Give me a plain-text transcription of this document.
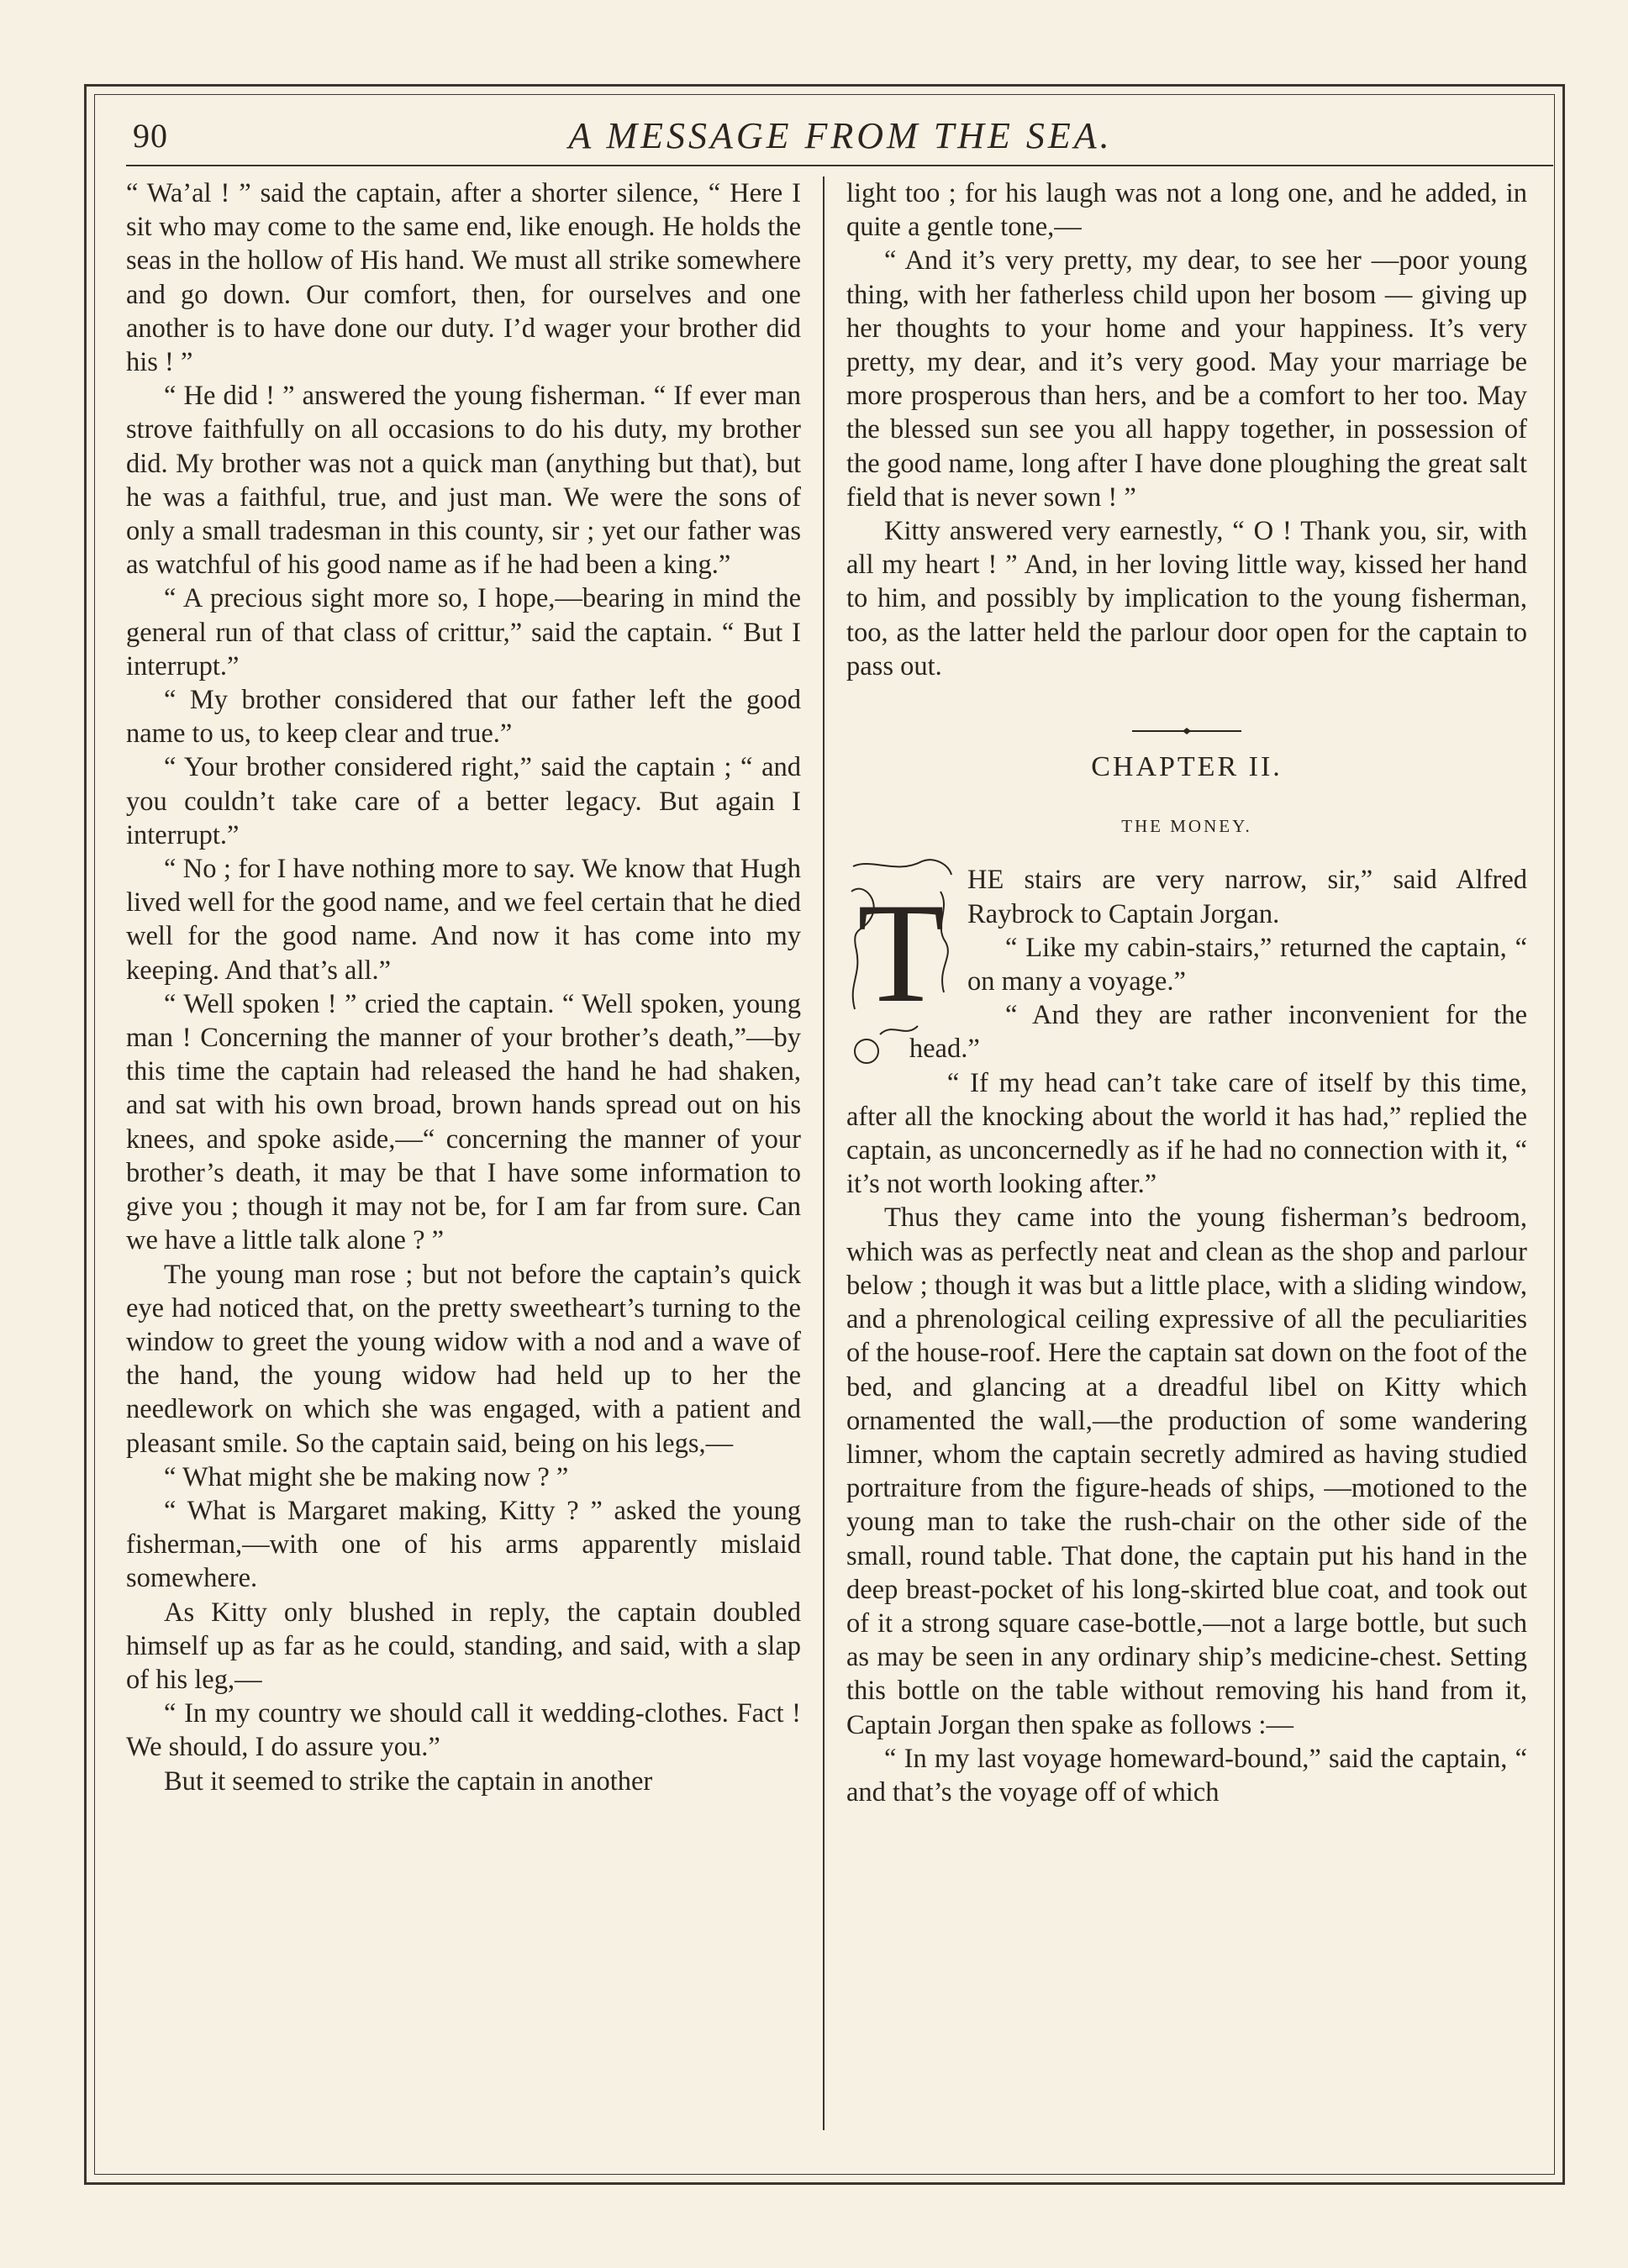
90	A MESSAGE FROM THE SEA.

“ Wa’al ! ” said the captain, after a shorter silence, “ Here I sit who may come to the same end, like enough. He holds the seas in the hollow of His hand. We must all strike somewhere and go down. Our comfort, then, for ourselves and one another is to have done our duty. I’d wager your brother did his ! ”

“ He did ! ” answered the young fisherman. “ If ever man strove faithfully on all occasions to do his duty, my brother did. My brother was not a quick man (anything but that), but he was a faithful, true, and just man. We were the sons of only a small tradesman in this county, sir ; yet our father was as watchful of his good name as if he had been a king.”

“ A precious sight more so, I hope,—bearing in mind the general run of that class of crittur,” said the captain. “ But I interrupt.”

“ My brother considered that our father left the good name to us, to keep clear and true.”

“ Your brother considered right,” said the captain ; “ and you couldn’t take care of a better legacy. But again I interrupt.”

“ No ; for I have nothing more to say. We know that Hugh lived well for the good name, and we feel certain that he died well for the good name. And now it has come into my keeping. And that’s all.”

“ Well spoken ! ” cried the captain. “ Well spoken, young man ! Concerning the manner of your brother’s death,”—by this time the captain had released the hand he had shaken, and sat with his own broad, brown hands spread out on his knees, and spoke aside,—“ concerning the manner of your brother’s death, it may be that I have some information to give you ; though it may not be, for I am far from sure. Can we have a little talk alone ? ”

The young man rose ; but not before the captain’s quick eye had noticed that, on the pretty sweetheart’s turning to the window to greet the young widow with a nod and a wave of the hand, the young widow had held up to her the needlework on which she was engaged, with a patient and pleasant smile. So the captain said, being on his legs,—

“ What might she be making now ? ”

“ What is Margaret making, Kitty ? ” asked the young fisherman,—with one of his arms apparently mislaid somewhere.

As Kitty only blushed in reply, the captain doubled himself up as far as he could, standing, and said, with a slap of his leg,—

“ In my country we should call it wedding-clothes. Fact ! We should, I do assure you.”

But it seemed to strike the captain in another

light too ; for his laugh was not a long one, and he added, in quite a gentle tone,—

“ And it’s very pretty, my dear, to see her —poor young thing, with her fatherless child upon her bosom — giving up her thoughts to your home and your happiness. It’s very pretty, my dear, and it’s very good. May your marriage be more prosperous than hers, and be a comfort to her too. May the blessed sun see you all happy together, in possession of the good name, long after I have done ploughing the great salt field that is never sown ! ”

Kitty answered very earnestly, “ O ! Thank you, sir, with all my heart ! ” And, in her loving little way, kissed her hand to him, and possibly by implication to the young fisherman, too, as the latter held the parlour door open for the captain to pass out.

CHAPTER II.
THE MONEY.

T HE stairs are very narrow, sir,” said Alfred Raybrock to Captain Jorgan.

“ Like my cabin-stairs,” returned the captain, “ on many a voyage.”

“ And they are rather inconvenient for the head.”

“ If my head can’t take care of itself by this time, after all the knocking about the world it has had,” replied the captain, as unconcernedly as if he had no connection with it, “ it’s not worth looking after.”

Thus they came into the young fisherman’s bedroom, which was as perfectly neat and clean as the shop and parlour below ; though it was but a little place, with a sliding window, and a phrenological ceiling expressive of all the peculiarities of the house-roof. Here the captain sat down on the foot of the bed, and glancing at a dreadful libel on Kitty which ornamented the wall,—the production of some wandering limner, whom the captain secretly admired as having studied portraiture from the figure-heads of ships, —motioned to the young man to take the rush-chair on the other side of the small, round table. That done, the captain put his hand in the deep breast-pocket of his long-skirted blue coat, and took out of it a strong square case-bottle,—not a large bottle, but such as may be seen in any ordinary ship’s medicine-chest. Setting this bottle on the table without removing his hand from it, Captain Jorgan then spake as follows :—

“ In my last voyage homeward-bound,” said the captain, “ and that’s the voyage off of which
